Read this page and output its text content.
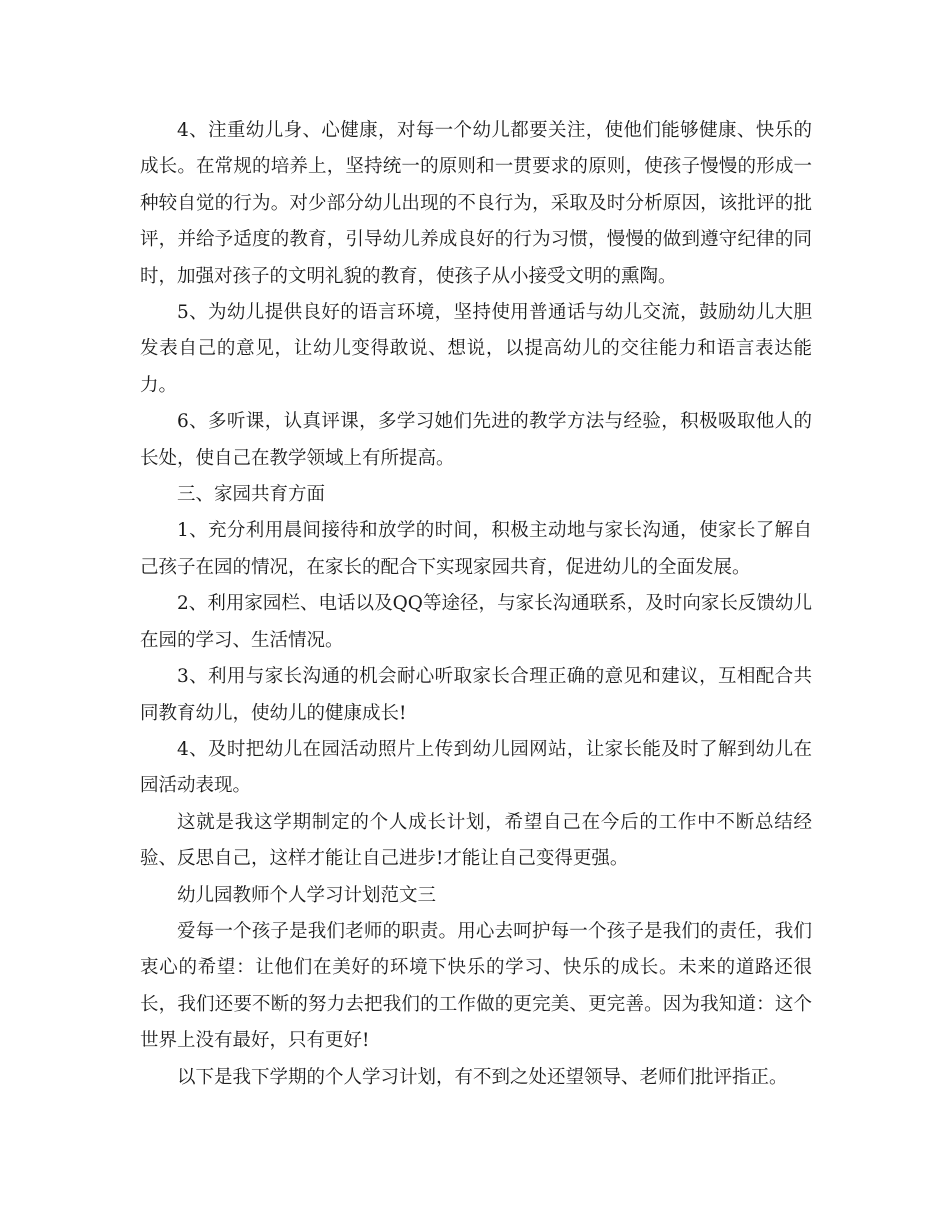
4、注重幼儿身、心健康，对每一个幼儿都要关注，使他们能够健康、快乐的成长。在常规的培养上，坚持统一的原则和一贯要求的原则，使孩子慢慢的形成一种较自觉的行为。对少部分幼儿出现的不良行为，采取及时分析原因，该批评的批评，并给予适度的教育，引导幼儿养成良好的行为习惯，慢慢的做到遵守纪律的同时，加强对孩子的文明礼貌的教育，使孩子从小接受文明的熏陶。

5、为幼儿提供良好的语言环境，坚持使用普通话与幼儿交流，鼓励幼儿大胆发表自己的意见，让幼儿变得敢说、想说，以提高幼儿的交往能力和语言表达能力。

6、多听课，认真评课，多学习她们先进的教学方法与经验，积极吸取他人的长处，使自己在教学领域上有所提高。

三、家园共育方面

1、充分利用晨间接待和放学的时间，积极主动地与家长沟通，使家长了解自己孩子在园的情况，在家长的配合下实现家园共育，促进幼儿的全面发展。

2、利用家园栏、电话以及QQ等途径，与家长沟通联系，及时向家长反馈幼儿在园的学习、生活情况。

3、利用与家长沟通的机会耐心听取家长合理正确的意见和建议，互相配合共同教育幼儿，使幼儿的健康成长!

4、及时把幼儿在园活动照片上传到幼儿园网站，让家长能及时了解到幼儿在园活动表现。

这就是我这学期制定的个人成长计划，希望自己在今后的工作中不断总结经验、反思自己，这样才能让自己进步!才能让自己变得更强。

幼儿园教师个人学习计划范文三

爱每一个孩子是我们老师的职责。用心去呵护每一个孩子是我们的责任，我们衷心的希望：让他们在美好的环境下快乐的学习、快乐的成长。未来的道路还很长，我们还要不断的努力去把我们的工作做的更完美、更完善。因为我知道：这个世界上没有最好，只有更好!

以下是我下学期的个人学习计划，有不到之处还望领导、老师们批评指正。
